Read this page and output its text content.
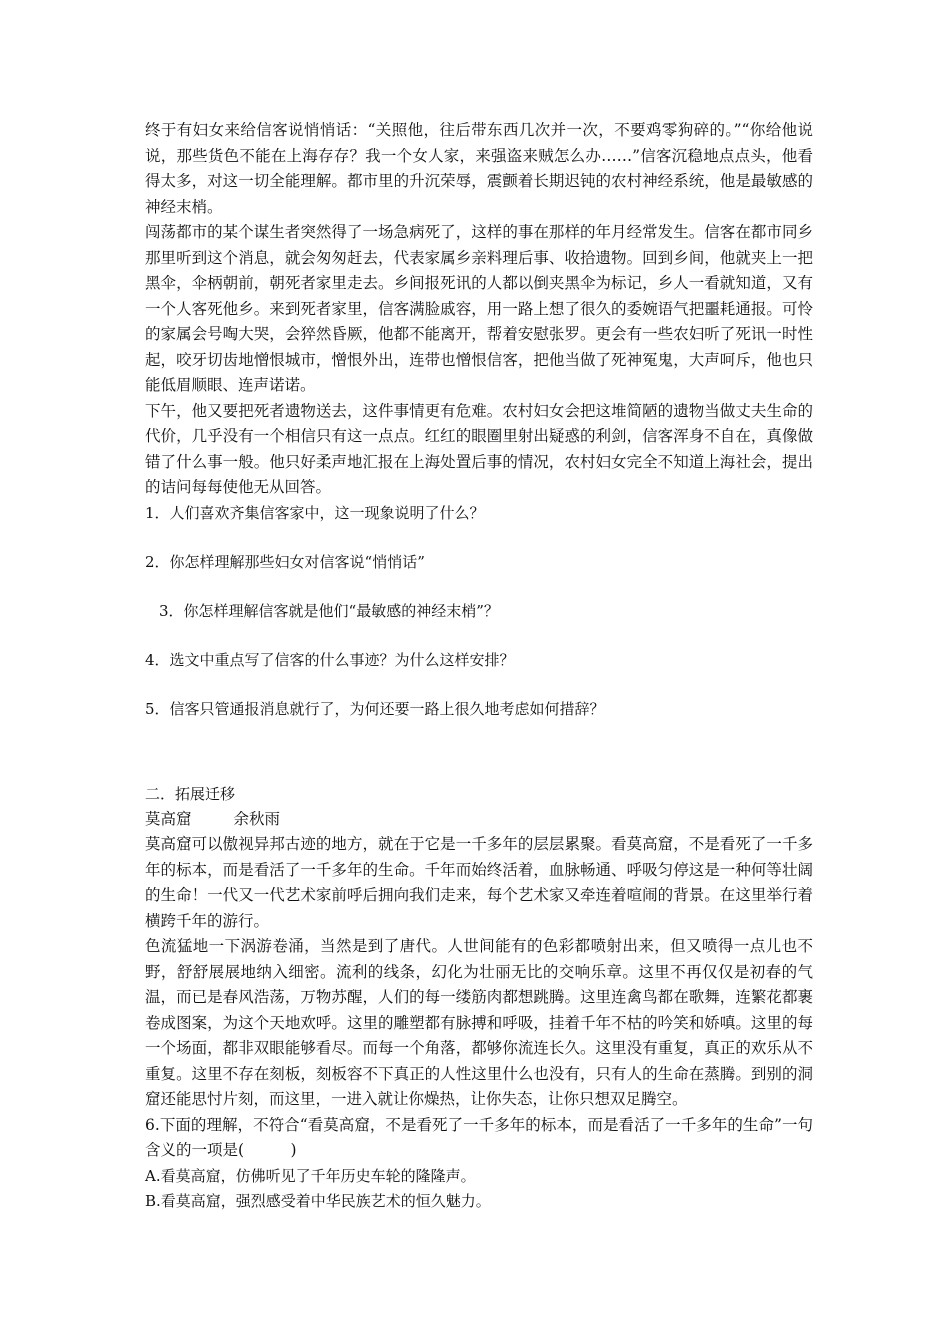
终于有妇女来给信客说悄悄话：“关照他，往后带东西几次并一次，不要鸡零狗碎的。”“你给他说说，那些货色不能在上海存存？我一个女人家，来强盗来贼怎么办……”信客沉稳地点点头，他看得太多，对这一切全能理解。都市里的升沉荣辱，震颤着长期迟钝的农村神经系统，他是最敏感的神经末梢。

闯荡都市的某个谋生者突然得了一场急病死了，这样的事在那样的年月经常发生。信客在都市同乡那里听到这个消息，就会匆匆赶去，代表家属乡亲料理后事、收拾遗物。回到乡间，他就夹上一把黑伞，伞柄朝前，朝死者家里走去。乡间报死讯的人都以倒夹黑伞为标记，乡人一看就知道，又有一个人客死他乡。来到死者家里，信客满脸戚容，用一路上想了很久的委婉语气把噩耗通报。可怜的家属会号啕大哭，会猝然昏厥，他都不能离开，帮着安慰张罗。更会有一些农妇听了死讯一时性起，咬牙切齿地憎恨城市，憎恨外出，连带也憎恨信客，把他当做了死神冤鬼，大声呵斥，他也只能低眉顺眼、连声诺诺。

下午，他又要把死者遗物送去，这件事情更有危难。农村妇女会把这堆简陋的遗物当做丈夫生命的代价，几乎没有一个相信只有这一点点。红红的眼圈里射出疑惑的利剑，信客浑身不自在，真像做错了什么事一般。他只好柔声地汇报在上海处置后事的情况，农村妇女完全不知道上海社会，提出的诘问每每使他无从回答。

1．人们喜欢齐集信客家中，这一现象说明了什么？

2．你怎样理解那些妇女对信客说“悄悄话”

3．你怎样理解信客就是他们“最敏感的神经末梢”？

4．选文中重点写了信客的什么事迹？为什么这样安排？

5．信客只管通报消息就行了，为何还要一路上很久地考虑如何措辞？

二．拓展迁移

莫高窟	余秋雨

莫高窟可以傲视异邦古迹的地方，就在于它是一千多年的层层累聚。看莫高窟，不是看死了一千多年的标本，而是看活了一千多年的生命。千年而始终活着，血脉畅通、呼吸匀停这是一种何等壮阔的生命！一代又一代艺术家前呼后拥向我们走来，每个艺术家又牵连着喧闹的背景。在这里举行着横跨千年的游行。

色流猛地一下涡游卷涌，当然是到了唐代。人世间能有的色彩都喷射出来，但又喷得一点儿也不野，舒舒展展地纳入细密。流利的线条，幻化为壮丽无比的交响乐章。这里不再仅仅是初春的气温，而已是春风浩荡，万物苏醒，人们的每一缕筋肉都想跳腾。这里连禽鸟都在歌舞，连繁花都裹卷成图案，为这个天地欢呼。这里的雕塑都有脉搏和呼吸，挂着千年不枯的吟笑和娇嗔。这里的每一个场面，都非双眼能够看尽。而每一个角落，都够你流连长久。这里没有重复，真正的欢乐从不重复。这里不存在刻板，刻板容不下真正的人性这里什么也没有，只有人的生命在蒸腾。到别的洞窟还能思忖片刻，而这里，一进入就让你燥热，让你失态，让你只想双足腾空。

6.下面的理解，不符合“看莫高窟，不是看死了一千多年的标本，而是看活了一千多年的生命”一句含义的一项是(　　　)

A.看莫高窟，仿佛听见了千年历史车轮的隆隆声。

B.看莫高窟，强烈感受着中华民族艺术的恒久魅力。
